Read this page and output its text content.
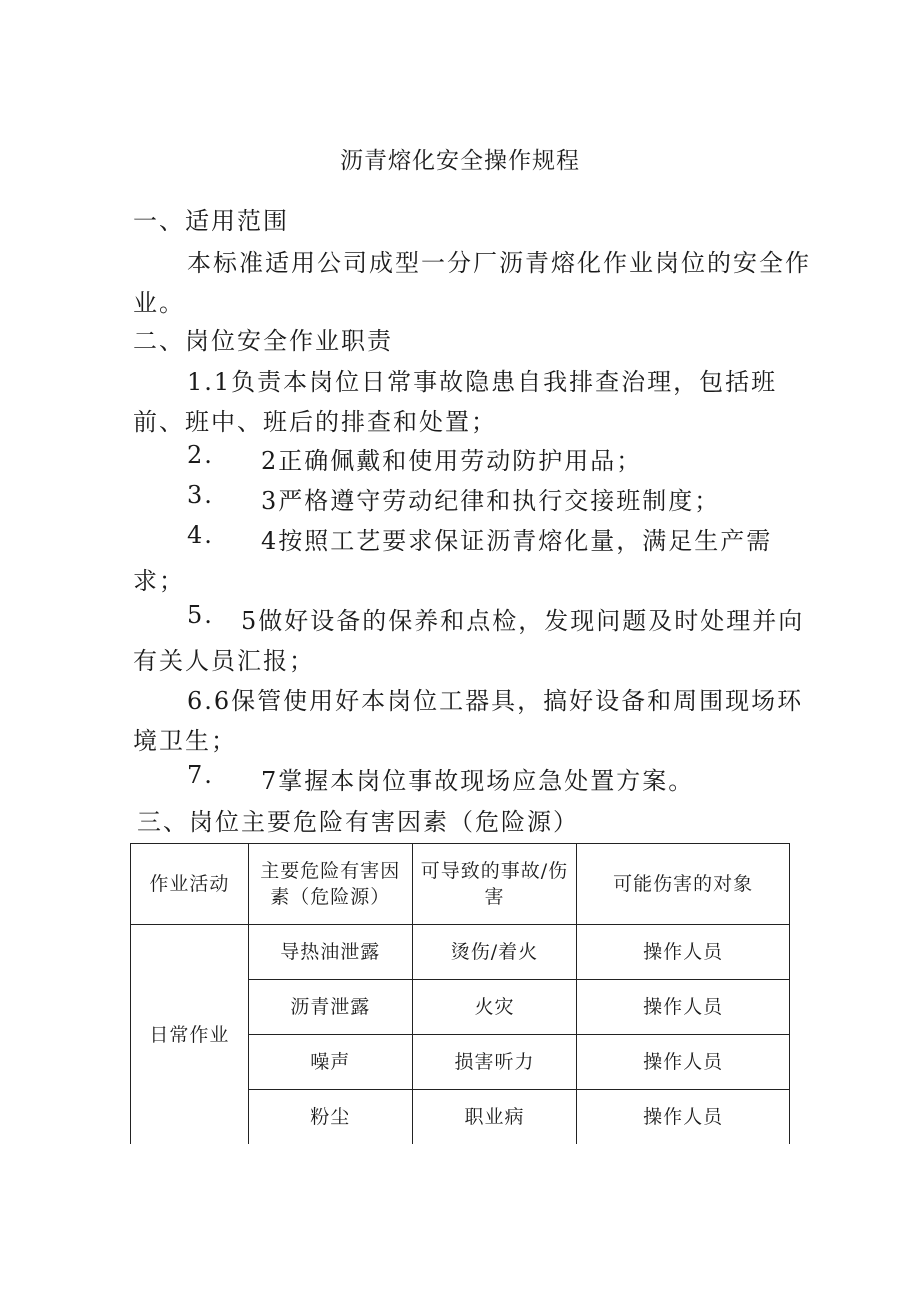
沥青熔化安全操作规程
一、适用范围
本标准适用公司成型一分厂沥青熔化作业岗位的安全作
业。
二、岗位安全作业职责
1.1负责本岗位日常事故隐患自我排查治理，包括班
前、班中、班后的排查和处置；
2. 2正确佩戴和使用劳动防护用品；
3. 3严格遵守劳动纪律和执行交接班制度；
4. 4按照工艺要求保证沥青熔化量，满足生产需
求；
5. 5做好设备的保养和点检，发现问题及时处理并向
有关人员汇报；
6.6保管使用好本岗位工器具，搞好设备和周围现场环
境卫生；
7. 7掌握本岗位事故现场应急处置方案。
三、岗位主要危险有害因素（危险源）
作业活动	主要危险有害因素（危险源）	可导致的事故/伤害	可能伤害的对象
日常作业	导热油泄露	烫伤/着火	操作人员
	沥青泄露	火灾	操作人员
	噪声	损害听力	操作人员
	粉尘	职业病	操作人员
